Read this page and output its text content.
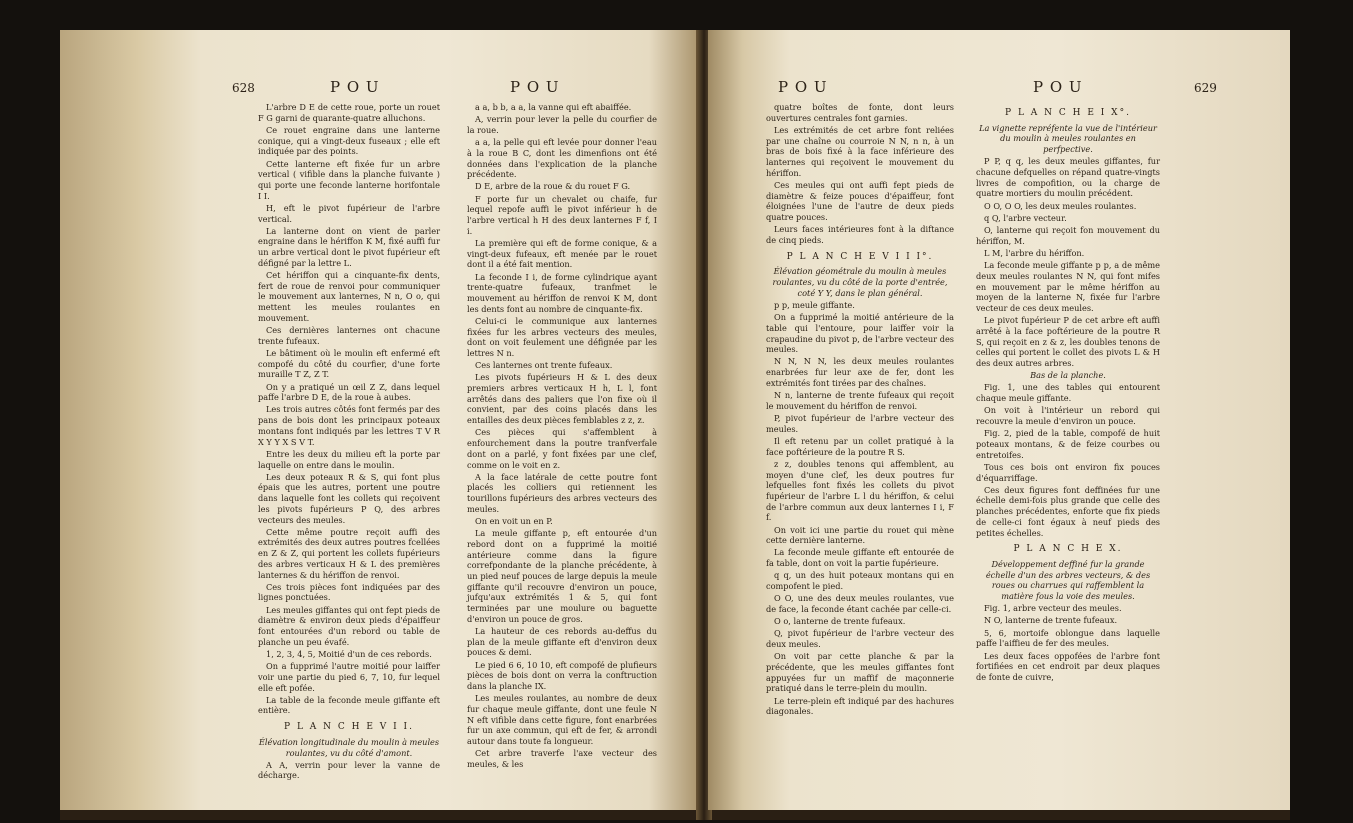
628	P O U	P O U

L'arbre D E de cette roue, porte un rouet F G garni de quarante-quatre alluchons.

Ce rouet engraine dans une lanterne conique, qui a vingt-deux fuseaux ; elle eft indiquée par des points.

Cette lanterne eft fixée fur un arbre vertical ( vifible dans la planche fuivante ) qui porte une feconde lanterne horifontale I I.

H, eft le pivot fupérieur de l'arbre vertical.

La lanterne dont on vient de parler engraine dans le hériffon K M, fixé auffi fur un arbre vertical dont le pivot fupérieur eft défigné par la lettre L.

Cet hériffon qui a cinquante-fix dents, fert de roue de renvoi pour communiquer le mouvement aux lanternes, N n, O o, qui mettent les meules roulantes en mouvement.

Ces dernières lanternes ont chacune trente fufeaux.

Le bâtiment où le moulin eft enfermé eft compofé du côté du courfier, d'une forte muraille T Z, Z T.

On y a pratiqué un œil Z Z, dans lequel paffe l'arbre D E, de la roue à aubes.

Les trois autres côtés font fermés par des pans de bois dont les principaux poteaux montans font indiqués par les lettres T V R X Y Y X S V T.

Entre les deux du milieu eft la porte par laquelle on entre dans le moulin.

Les deux poteaux R & S, qui font plus épais que les autres, portent une poutre dans laquelle font les collets qui reçoivent les pivots fupérieurs P Q, des arbres vecteurs des meules.

Cette même poutre reçoit auffi des extrémités des deux autres poutres fcellées en Z & Z, qui portent les collets fupérieurs des arbres verticaux H & L des premières lanternes & du hériffon de renvoi.

Ces trois pièces font indiquées par des lignes ponctuées.

Les meules giffantes qui ont fept pieds de diamètre & environ deux pieds d'épaiffeur font entourées d'un rebord ou table de planche un peu évafé.

1, 2, 3, 4, 5, Moitié d'un de ces rebords.

On a fupprimé l'autre moitié pour laiffer voir une partie du pied 6, 7, 10, fur lequel elle eft pofée.

La table de la feconde meule giffante eft entière.

P L A N C H E V I I.

Élévation longitudinale du moulin à meules roulantes, vu du côté d'amont.

A A, verrin pour lever la vanne de décharge.

a a, b b, a a, la vanne qui eft abaiffée.

A, verrin pour lever la pelle du courfier de la roue.

a a, la pelle qui eft levée pour donner l'eau à la roue B C, dont les dimenfions ont été données dans l'explication de la planche précédente.

D E, arbre de la roue & du rouet F G.

F porte fur un chevalet ou chaife, fur lequel repofe auffi le pivot inférieur h de l'arbre vertical h H des deux lanternes F f, I i.

La première qui eft de forme conique, & a vingt-deux fufeaux, eft menée par le rouet dont il a été fait mention.

La feconde I i, de forme cylindrique ayant trente-quatre fufeaux, tranfmet le mouvement au hériffon de renvoi K M, dont les dents font au nombre de cinquante-fix.

Celui-ci le communique aux lanternes fixées fur les arbres vecteurs des meules, dont on voit feulement une défignée par les lettres N n.

Ces lanternes ont trente fufeaux.

Les pivots fupérieurs H & L des deux premiers arbres verticaux H h, L l, font arrêtés dans des paliers que l'on fixe où il convient, par des coins placés dans les entailles des deux pièces femblables z z, z.

Ces pièces qui s'affemblent à enfourchement dans la poutre tranfverfale dont on a parlé, y font fixées par une clef, comme on le voit en z.

A la face latérale de cette poutre font placés les colliers qui retiennent les tourillons fupérieurs des arbres vecteurs des meules.

On en voit un en P.

La meule giffante p, eft entourée d'un rebord dont on a fupprimé la moitié antérieure comme dans la figure correfpondante de la planche précédente, à un pied neuf pouces de large depuis la meule giffante qu'il recouvre d'environ un pouce, jufqu'aux extrémités 1 & 5, qui font terminées par une moulure ou baguette d'environ un pouce de gros.

La hauteur de ces rebords au-deffus du plan de la meule giffante eft d'environ deux pouces & demi.

Le pied 6 6, 10 10, eft compofé de plufieurs pièces de bois dont on verra la conftruction dans la planche IX.

Les meules roulantes, au nombre de deux fur chaque meule giffante, dont une feule N N eft vifible dans cette figure, font enarbrées fur un axe commun, qui eft de fer, & arrondi autour dans toute fa longueur.

Cet arbre traverfe l'axe vecteur des meules, & les

P O U	P O U	629

quatre boîtes de fonte, dont leurs ouvertures centrales font garnies.

Les extrémités de cet arbre font reliées par une chaîne ou courroie N N, n n, à un bras de bois fixé à la face inférieure des lanternes qui reçoivent le mouvement du hériffon.

Ces meules qui ont auffi fept pieds de diamètre & feize pouces d'épaiffeur, font éloignées l'une de l'autre de deux pieds quatre pouces.

Leurs faces intérieures font à la diftance de cinq pieds.

P L A N C H E V I I I°.

Élévation géométrale du moulin à meules roulantes, vu du côté de la porte d'entrée, coté Y Y, dans le plan général.

p p, meule giffante.

On a fupprimé la moitié antérieure de la table qui l'entoure, pour laiffer voir la crapaudine du pivot p, de l'arbre vecteur des meules.

N N, N N, les deux meules roulantes enarbrées fur leur axe de fer, dont les extrémités font tirées par des chaînes.

N n, lanterne de trente fufeaux qui reçoit le mouvement du hériffon de renvoi.

P, pivot fupérieur de l'arbre vecteur des meules.

Il eft retenu par un collet pratiqué à la face poftérieure de la poutre R S.

z z, doubles tenons qui affemblent, au moyen d'une clef, les deux poutres fur lefquelles font fixés les collets du pivot fupérieur de l'arbre L l du hériffon, & celui de l'arbre commun aux deux lanternes I i, F f.

On voit ici une partie du rouet qui mène cette dernière lanterne.

La feconde meule giffante eft entourée de fa table, dont on voit la partie fupérieure.

q q, un des huit poteaux montans qui en compofent le pied.

O O, une des deux meules roulantes, vue de face, la feconde étant cachée par celle-ci.

O o, lanterne de trente fufeaux.

Q, pivot fupérieur de l'arbre vecteur des deux meules.

On voit par cette planche & par la précédente, que les meules giffantes font appuyées fur un maffif de maçonnerie pratiqué dans le terre-plein du moulin.

Le terre-plein eft indiqué par des hachures diagonales.

P L A N C H E I X°.

La vignette repréfente la vue de l'intérieur du moulin à meules roulantes en perfpective.

P P, q q, les deux meules giffantes, fur chacune defquelles on répand quatre-vingts livres de compofition, ou la charge de quatre mortiers du moulin précédent.

O O, O O, les deux meules roulantes.

q Q, l'arbre vecteur.

O, lanterne qui reçoit fon mouvement du hériffon, M.

L M, l'arbre du hériffon.

La feconde meule giffante p p, a de même deux meules roulantes N N, qui font mifes en mouvement par le même hériffon au moyen de la lanterne N, fixée fur l'arbre vecteur de ces deux meules.

Le pivot fupérieur P de cet arbre eft auffi arrêté à la face poftérieure de la poutre R S, qui reçoit en z & z, les doubles tenons de celles qui portent le collet des pivots L & H des deux autres arbres.

Bas de la planche.

Fig. 1, une des tables qui entourent chaque meule giffante.

On voit à l'intérieur un rebord qui recouvre la meule d'environ un pouce.

Fig. 2, pied de la table, compofé de huit poteaux montans, & de feize courbes ou entretoifes.

Tous ces bois ont environ fix pouces d'équarriffage.

Ces deux figures font deffinées fur une échelle demi-fois plus grande que celle des planches précédentes, enforte que fix pieds de celle-ci font égaux à neuf pieds des petites échelles.

P L A N C H E X.

Développement deffiné fur la grande échelle d'un des arbres vecteurs, & des roues ou charrues qui raffemblent la matière fous la voie des meules.

Fig. 1, arbre vecteur des meules.

N O, lanterne de trente fufeaux.

5, 6, mortoife oblongue dans laquelle paffe l'aiffieu de fer des meules.

Les deux faces oppofées de l'arbre font fortifiées en cet endroit par deux plaques de fonte de cuivre,
